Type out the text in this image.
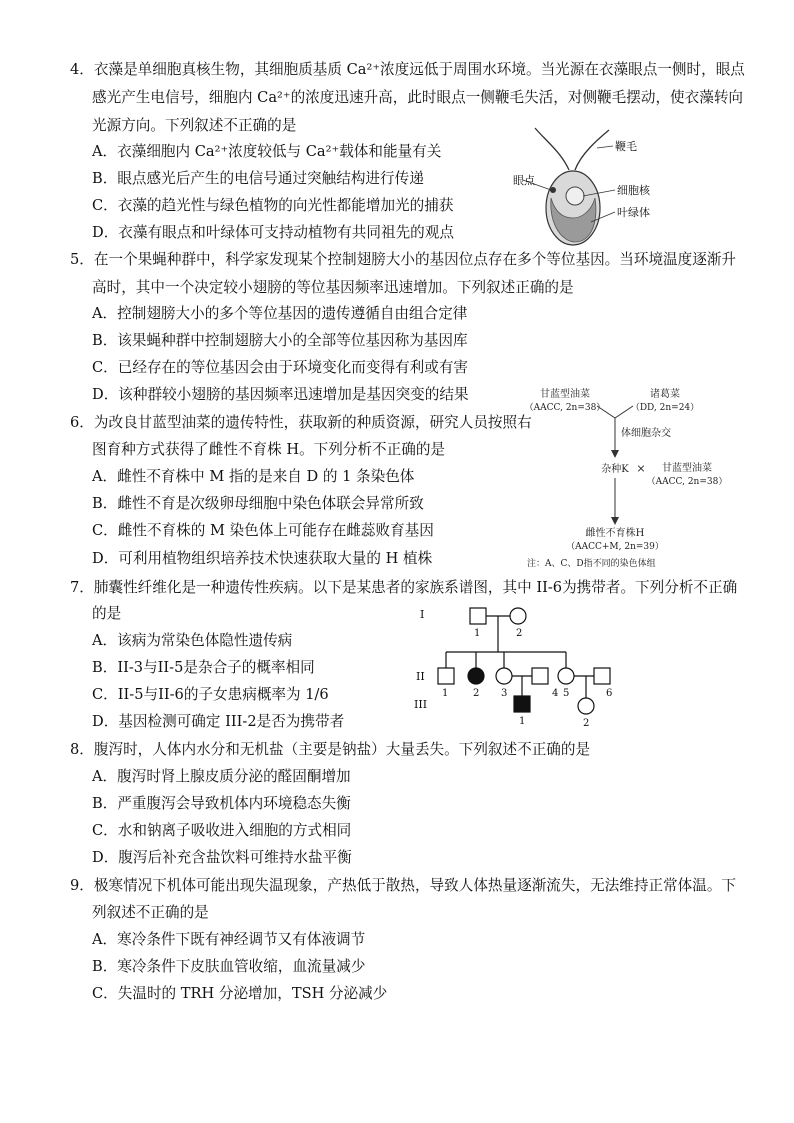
4．衣藻是单细胞真核生物，其细胞质基质 Ca²⁺浓度远低于周围水环境。当光源在衣藻眼点一侧时，眼点
感光产生电信号，细胞内 Ca²⁺的浓度迅速升高，此时眼点一侧鞭毛失活，对侧鞭毛摆动，使衣藻转向
光源方向。下列叙述不正确的是
A．衣藻细胞内 Ca²⁺浓度较低与 Ca²⁺载体和能量有关
B．眼点感光后产生的电信号通过突触结构进行传递
C．衣藻的趋光性与绿色植物的向光性都能增加光的捕获
D．衣藻有眼点和叶绿体可支持动植物有共同祖先的观点
眼点
鞭毛
细胞核
叶绿体
5．在一个果蝇种群中，科学家发现某个控制翅膀大小的基因位点存在多个等位基因。当环境温度逐渐升
高时，其中一个决定较小翅膀的等位基因频率迅速增加。下列叙述正确的是
A．控制翅膀大小的多个等位基因的遗传遵循自由组合定律
B．该果蝇种群中控制翅膀大小的全部等位基因称为基因库
C．已经存在的等位基因会由于环境变化而变得有利或有害
D．该种群较小翅膀的基因频率迅速增加是基因突变的结果
6．为改良甘蓝型油菜的遗传特性，获取新的种质资源，研究人员按照右
图育种方式获得了雌性不育株 H。下列分析不正确的是
A．雌性不育株中 M 指的是来自 D 的 1 条染色体
B．雌性不育是次级卵母细胞中染色体联会异常所致
C．雌性不育株的 M 染色体上可能存在雌蕊败育基因
D．可利用植物组织培养技术快速获取大量的 H 植株
甘蓝型油菜
（AACC, 2n=38）
诸葛菜
（DD, 2n=24）
体细胞杂交
杂种K × 甘蓝型油菜
（AACC, 2n=38）
雌性不育株H
（AACC+M, 2n=39）
注：A、C、D指不同的染色体组
7．肺囊性纤维化是一种遗传性疾病。以下是某患者的家族系谱图，其中 II-6为携带者。下列分析不正确
的是
A．该病为常染色体隐性遗传病
B．II-3与II-5是杂合子的概率相同
C．II-5与II-6的子女患病概率为 1/6
D．基因检测可确定 III-2是否为携带者
I
II
III
1	2
1 2 3	4 5	6
1	2
8．腹泻时，人体内水分和无机盐（主要是钠盐）大量丢失。下列叙述不正确的是
A．腹泻时肾上腺皮质分泌的醛固酮增加
B．严重腹泻会导致机体内环境稳态失衡
C．水和钠离子吸收进入细胞的方式相同
D．腹泻后补充含盐饮料可维持水盐平衡
9．极寒情况下机体可能出现失温现象，产热低于散热，导致人体热量逐渐流失，无法维持正常体温。下
列叙述不正确的是
A．寒冷条件下既有神经调节又有体液调节
B．寒冷条件下皮肤血管收缩，血流量减少
C．失温时的 TRH 分泌增加，TSH 分泌减少
